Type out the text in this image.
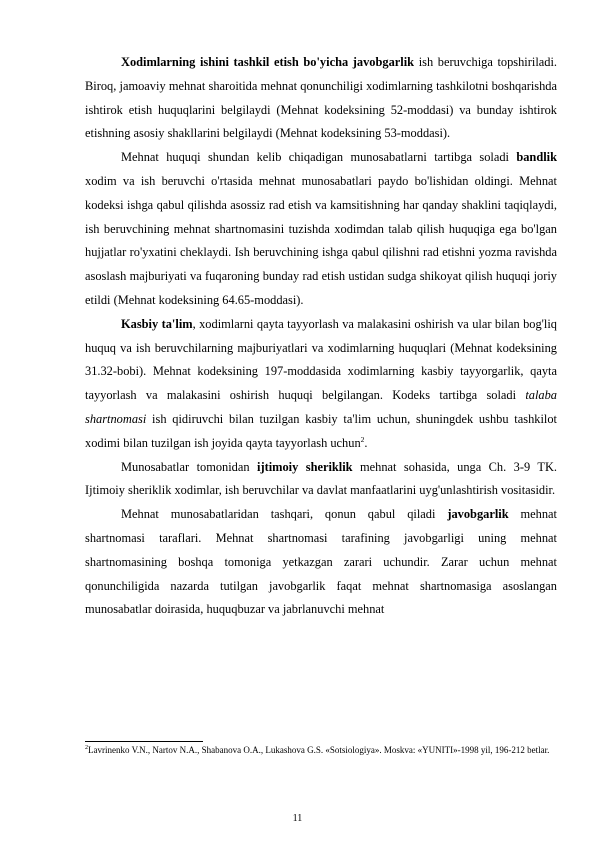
Xodimlarning ishini tashkil etish bo'yicha javobgarlik ish beruvchiga topshiriladi. Biroq, jamoaviy mehnat sharoitida mehnat qonunchiligi xodimlarning tashkilotni boshqarishda ishtirok etish huquqlarini belgilaydi (Mehnat kodeksining 52-moddasi) va bunday ishtirok etishning asosiy shakllarini belgilaydi (Mehnat kodeksining 53-moddasi).

Mehnat huquqi shundan kelib chiqadigan munosabatlarni tartibga soladi bandlik xodim va ish beruvchi o'rtasida mehnat munosabatlari paydo bo'lishidan oldingi. Mehnat kodeksi ishga qabul qilishda asossiz rad etish va kamsitishning har qanday shaklini taqiqlaydi, ish beruvchining mehnat shartnomasini tuzishda xodimdan talab qilish huquqiga ega bo'lgan hujjatlar ro'yxatini cheklaydi. Ish beruvchining ishga qabul qilishni rad etishni yozma ravishda asoslash majburiyati va fuqaroning bunday rad etish ustidan sudga shikoyat qilish huquqi joriy etildi (Mehnat kodeksining 64.65-moddasi).

Kasbiy ta'lim, xodimlarni qayta tayyorlash va malakasini oshirish va ular bilan bog'liq huquq va ish beruvchilarning majburiyatlari va xodimlarning huquqlari (Mehnat kodeksining 31.32-bobi). Mehnat kodeksining 197-moddasida xodimlarning kasbiy tayyorgarlik, qayta tayyorlash va malakasini oshirish huquqi belgilangan. Kodeks tartibga soladi talaba shartnomasi ish qidiruvchi bilan tuzilgan kasbiy ta'lim uchun, shuningdek ushbu tashkilot xodimi bilan tuzilgan ish joyida qayta tayyorlash uchun$^2$.

Munosabatlar tomonidan ijtimoiy sheriklik mehnat sohasida, unga Ch. 3-9 TK. Ijtimoiy sheriklik xodimlar, ish beruvchilar va davlat manfaatlarini uyg'unlashtirish vositasidir.

Mehnat munosabatlaridan tashqari, qonun qabul qiladi javobgarlik mehnat shartnomasi taraflari. Mehnat shartnomasi tarafining javobgarligi uning mehnat shartnomasining boshqa tomoniga yetkazgan zarari uchundir. Zarar uchun mehnat qonunchiligida nazarda tutilgan javobgarlik faqat mehnat shartnomasiga asoslangan munosabatlar doirasida, huquqbuzar va jabrlanuvchi mehnat

$^2$Lavrinenko V.N., Nartov N.A., Shabanova O.A., Lukashova G.S. «Sotsiologiya». Moskva: «YUNITI»-1998 yil, 196-212 betlar.
11
